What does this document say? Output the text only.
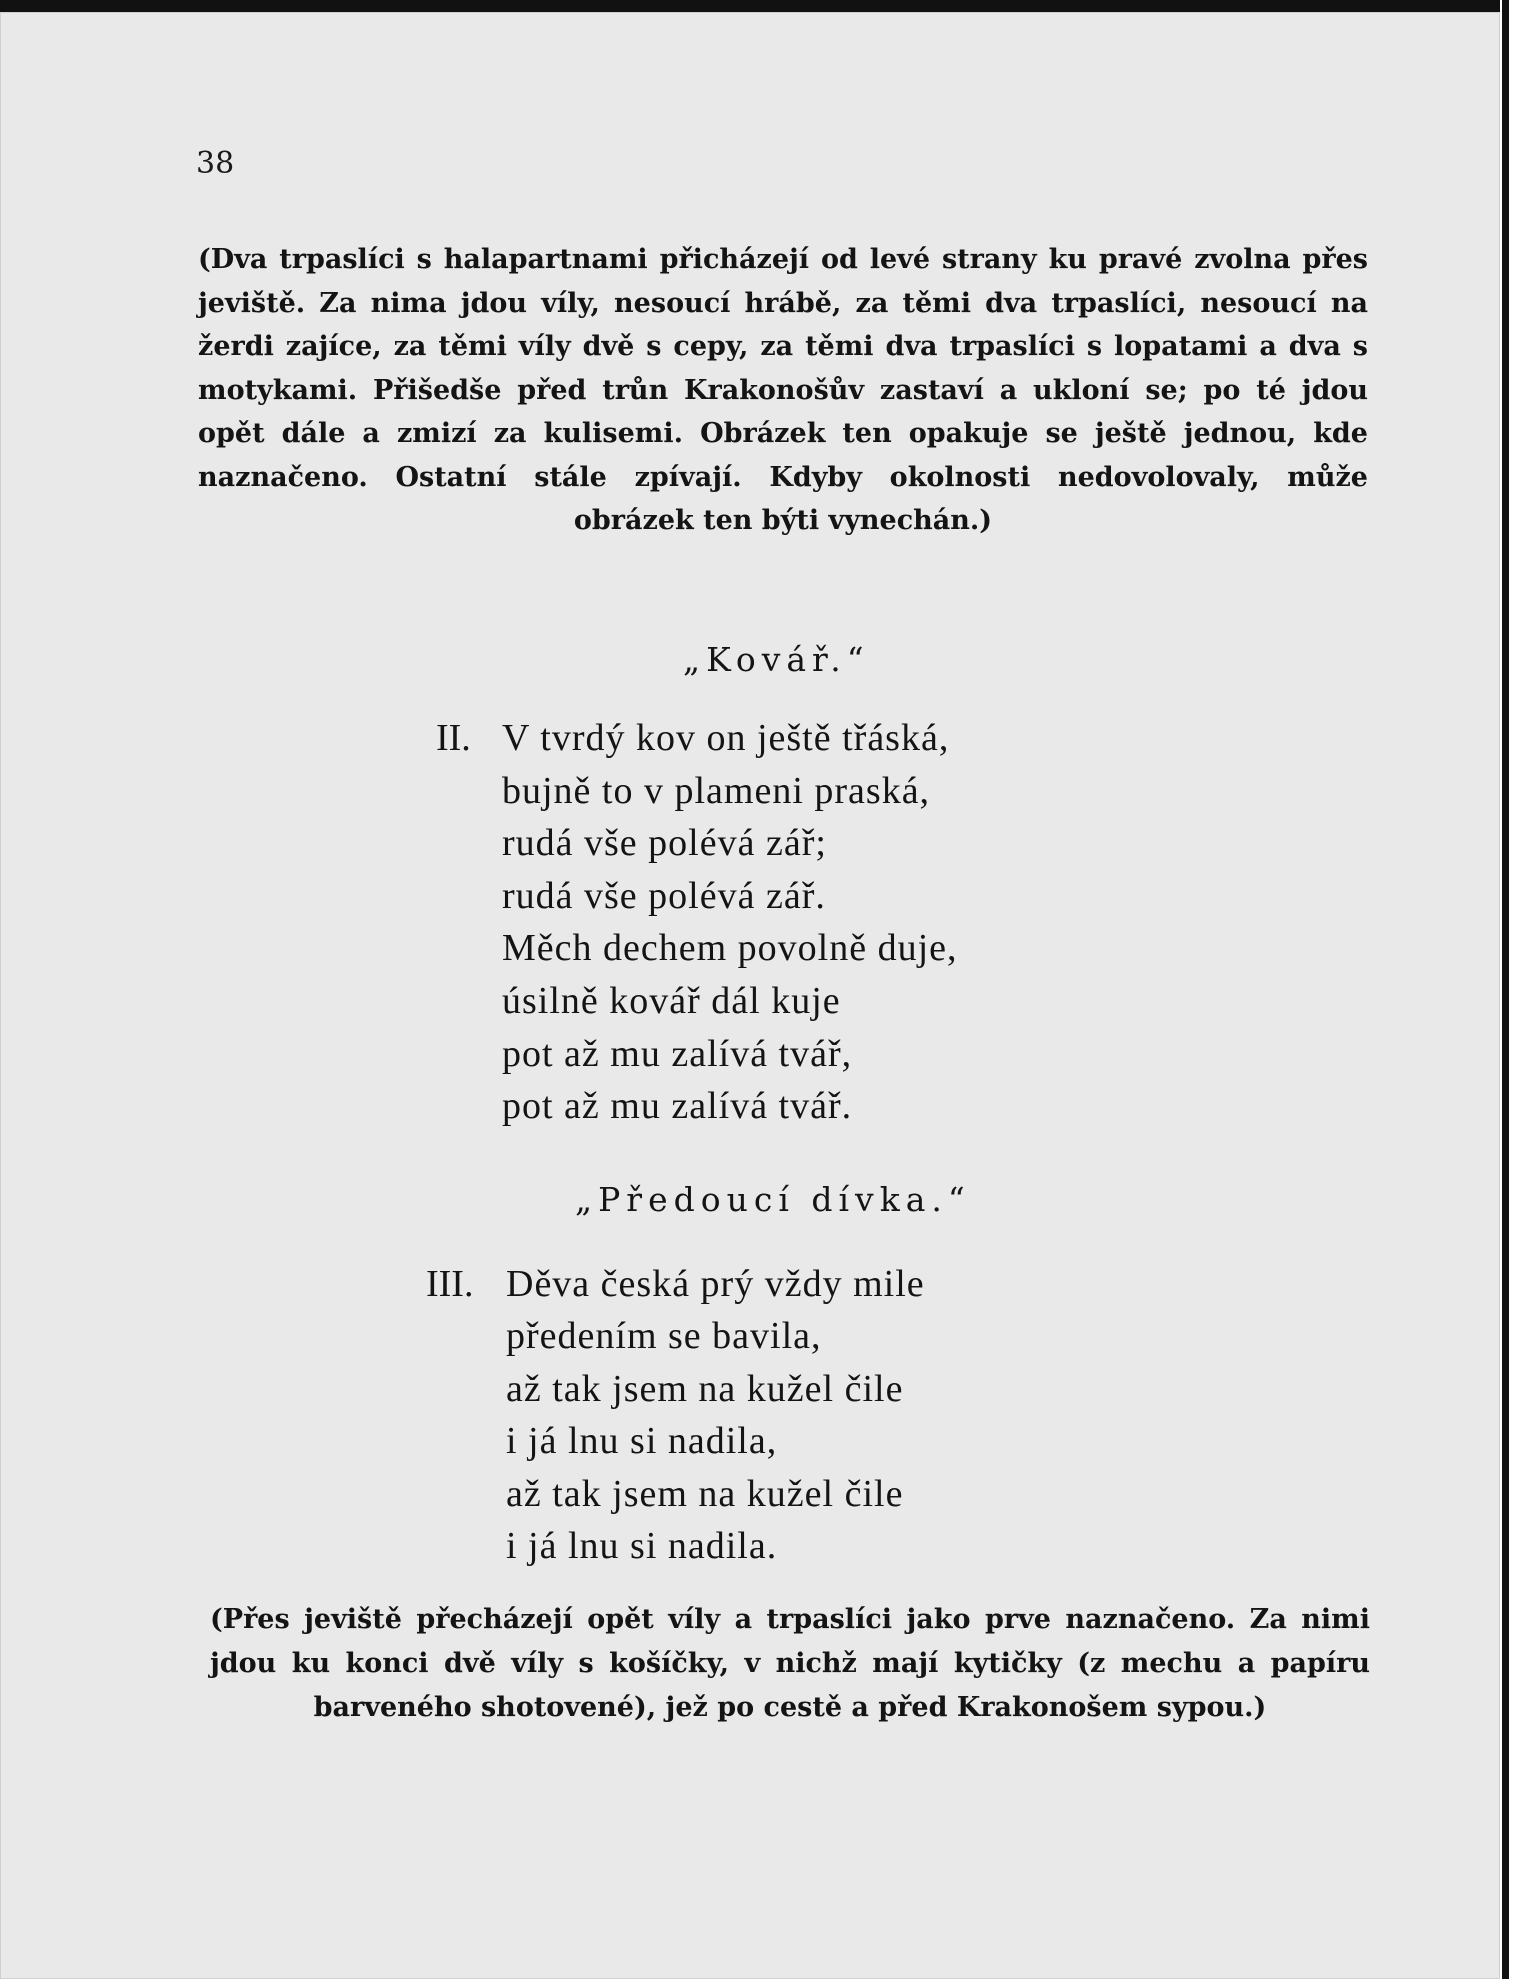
38
(Dva trpaslíci s halapartnami přicházejí od levé strany ku pravé zvolna přes jeviště. Za nima jdou víly, nesoucí hrábě, za těmi dva trpaslíci, nesoucí na žerdi zajíce, za těmi víly dvě s cepy, za těmi dva trpaslíci s lopatami a dva s motykami. Přišedše před trůn Krakonošův zastaví a ukloní se; po té jdou opět dále a zmizí za kulisemi. Obrázek ten opakuje se ještě jednou, kde naznačeno. Ostatní stále zpívají. Kdyby okolnosti nedovolovaly, může obrázek ten býti vynechán.)
„Kovář.“
II. V tvrdý kov on ještě třáská,
bujně to v plameni praská,
rudá vše polévá zář;
rudá vše polévá zář.
Měch dechem povolně duje,
úsilně kovář dál kuje
pot až mu zalívá tvář,
pot až mu zalívá tvář.
„Předoucí dívka.“
III. Děva česká prý vždy mile
předením se bavila,
až tak jsem na kužel čile
i já lnu si nadila,
až tak jsem na kužel čile
i já lnu si nadila.
(Přes jeviště přecházejí opět víly a trpaslíci jako prve naznačeno. Za nimi jdou ku konci dvě víly s košíčky, v nichž mají kytičky (z mechu a papíru barveného shotovené), jež po cestě a před Krakonošem sypou.)
